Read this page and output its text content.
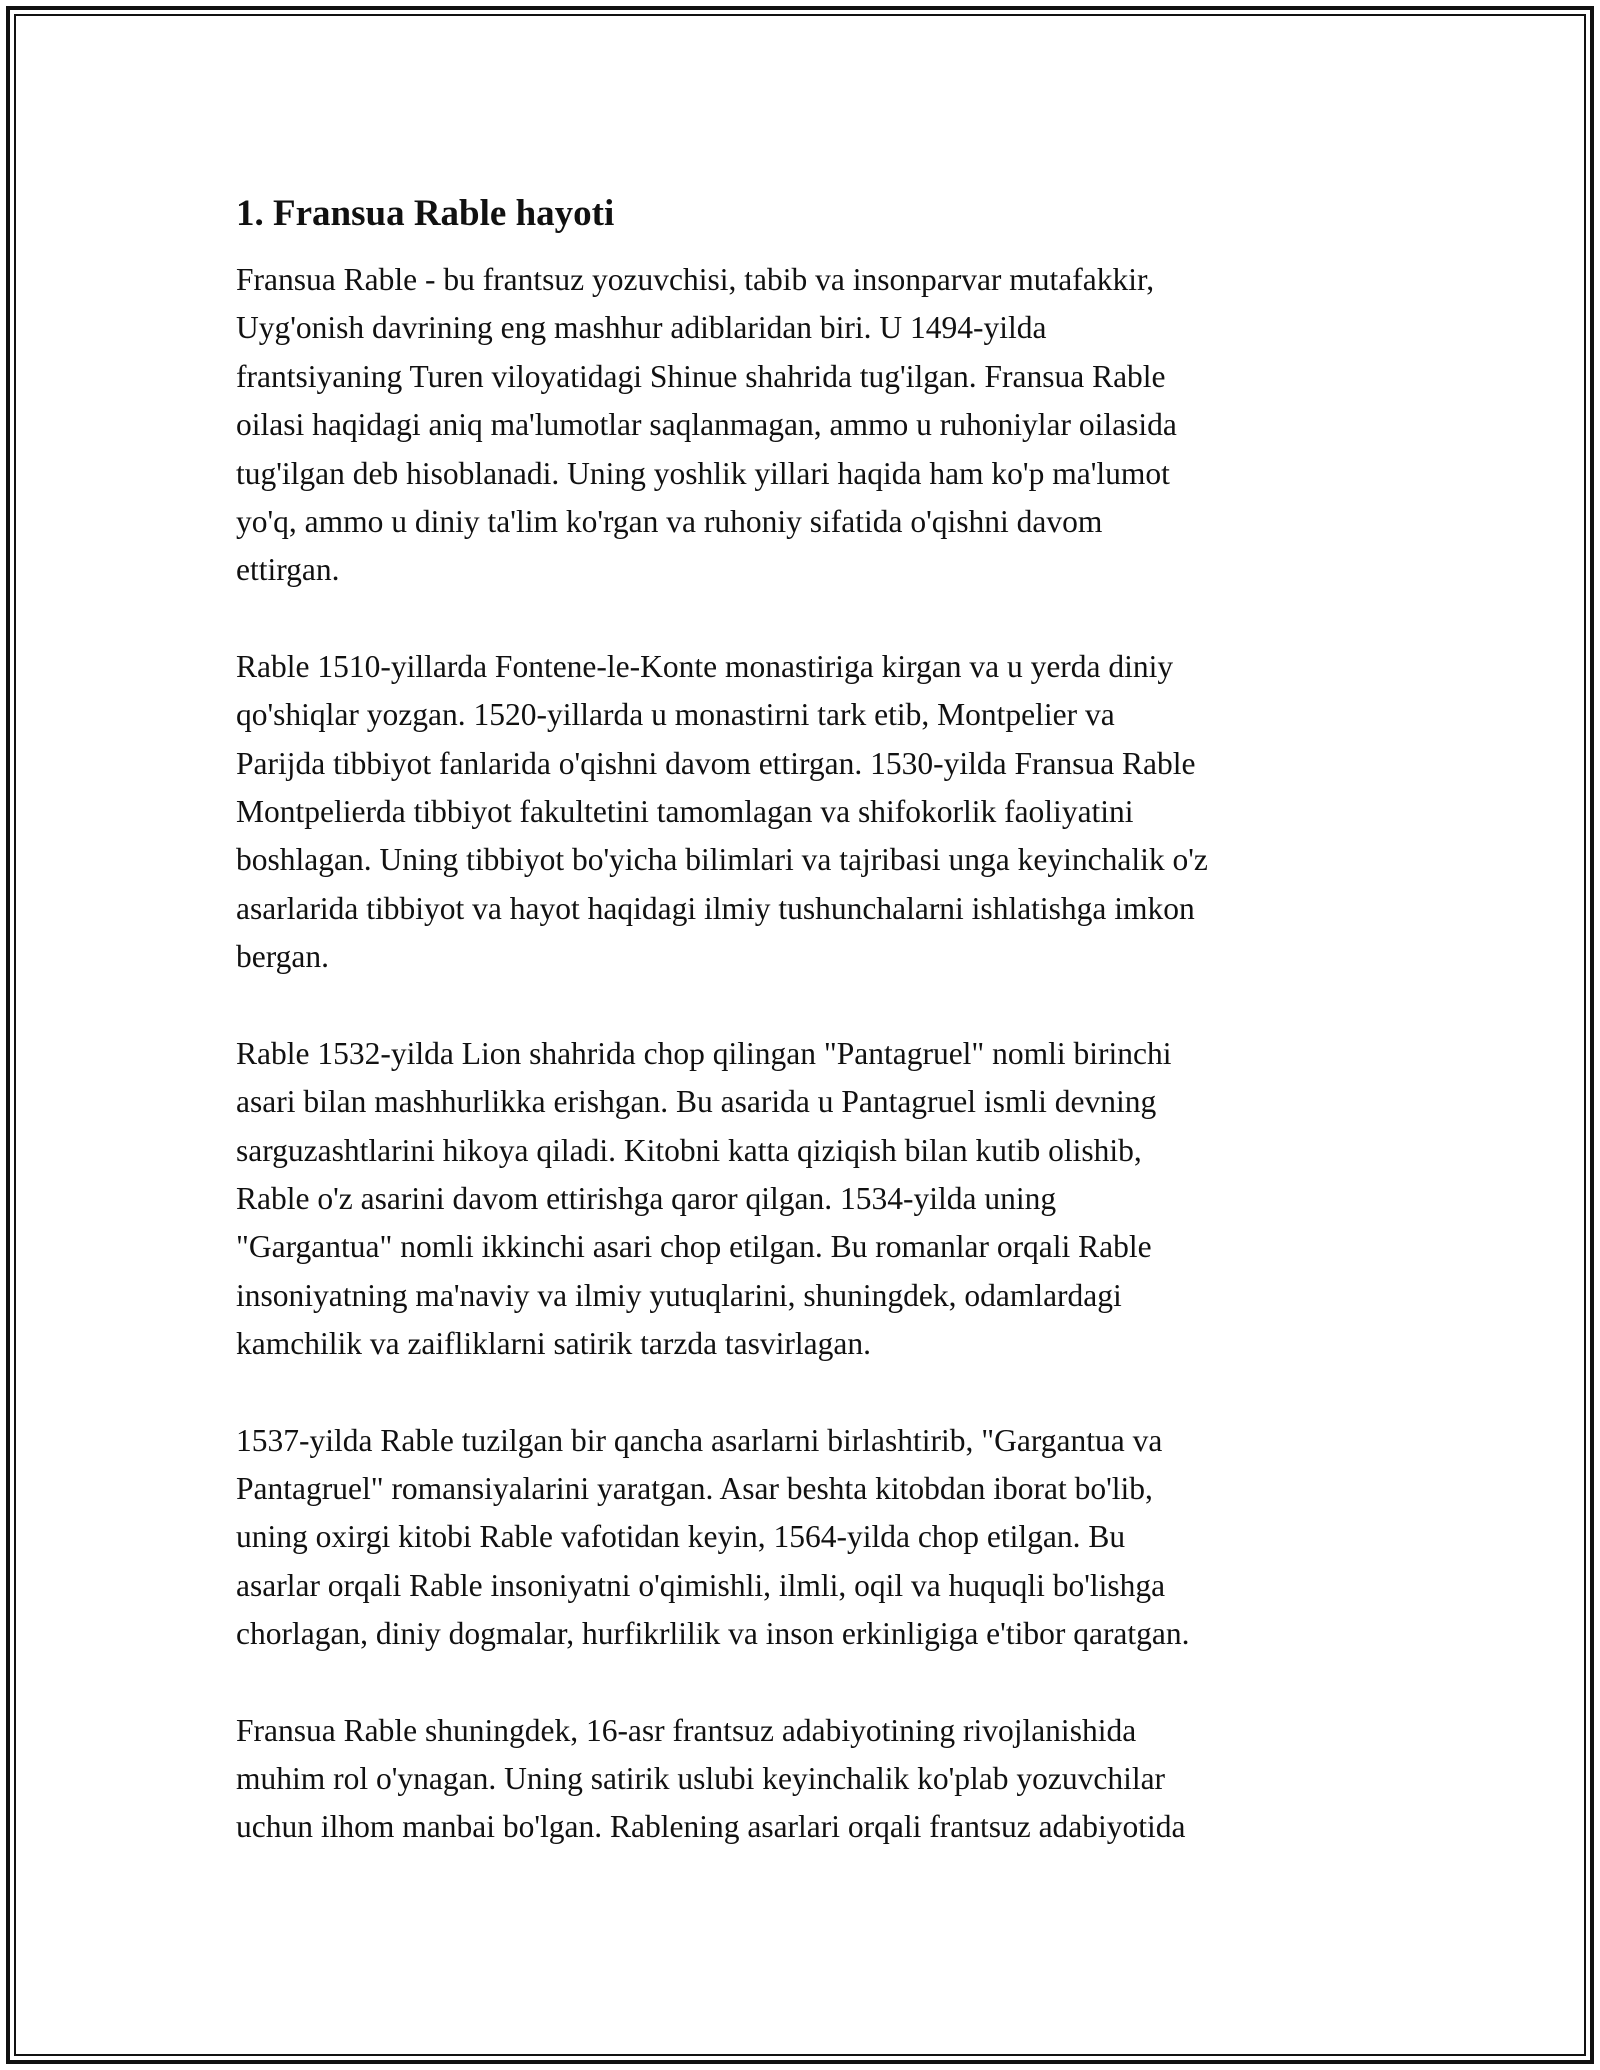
1. Fransua Rable hayoti

Fransua Rable - bu frantsuz yozuvchisi, tabib va insonparvar mutafakkir,
Uyg'onish davrining eng mashhur adiblaridan biri. U 1494-yilda
frantsiyaning Turen viloyatidagi Shinue shahrida tug'ilgan. Fransua Rable
oilasi haqidagi aniq ma'lumotlar saqlanmagan, ammo u ruhoniylar oilasida
tug'ilgan deb hisoblanadi. Uning yoshlik yillari haqida ham ko'p ma'lumot
yo'q, ammo u diniy ta'lim ko'rgan va ruhoniy sifatida o'qishni davom
ettirgan.

Rable 1510-yillarda Fontene-le-Konte monastiriga kirgan va u yerda diniy
qo'shiqlar yozgan. 1520-yillarda u monastirni tark etib, Montpelier va
Parijda tibbiyot fanlarida o'qishni davom ettirgan. 1530-yilda Fransua Rable
Montpelierda tibbiyot fakultetini tamomlagan va shifokorlik faoliyatini
boshlagan. Uning tibbiyot bo'yicha bilimlari va tajribasi unga keyinchalik o'z
asarlarida tibbiyot va hayot haqidagi ilmiy tushunchalarni ishlatishga imkon
bergan.

Rable 1532-yilda Lion shahrida chop qilingan "Pantagruel" nomli birinchi
asari bilan mashhurlikka erishgan. Bu asarida u Pantagruel ismli devning
sarguzashtlarini hikoya qiladi. Kitobni katta qiziqish bilan kutib olishib,
Rable o'z asarini davom ettirishga qaror qilgan. 1534-yilda uning
"Gargantua" nomli ikkinchi asari chop etilgan. Bu romanlar orqali Rable
insoniyatning ma'naviy va ilmiy yutuqlarini, shuningdek, odamlardagi
kamchilik va zaifliklarni satirik tarzda tasvirlagan.

1537-yilda Rable tuzilgan bir qancha asarlarni birlashtirib, "Gargantua va
Pantagruel" romansiyalarini yaratgan. Asar beshta kitobdan iborat bo'lib,
uning oxirgi kitobi Rable vafotidan keyin, 1564-yilda chop etilgan. Bu
asarlar orqali Rable insoniyatni o'qimishli, ilmli, oqil va huquqli bo'lishga
chorlagan, diniy dogmalar, hurfikrlilik va inson erkinligiga e'tibor qaratgan.

Fransua Rable shuningdek, 16-asr frantsuz adabiyotining rivojlanishida
muhim rol o'ynagan. Uning satirik uslubi keyinchalik ko'plab yozuvchilar
uchun ilhom manbai bo'lgan. Rablening asarlari orqali frantsuz adabiyotida
